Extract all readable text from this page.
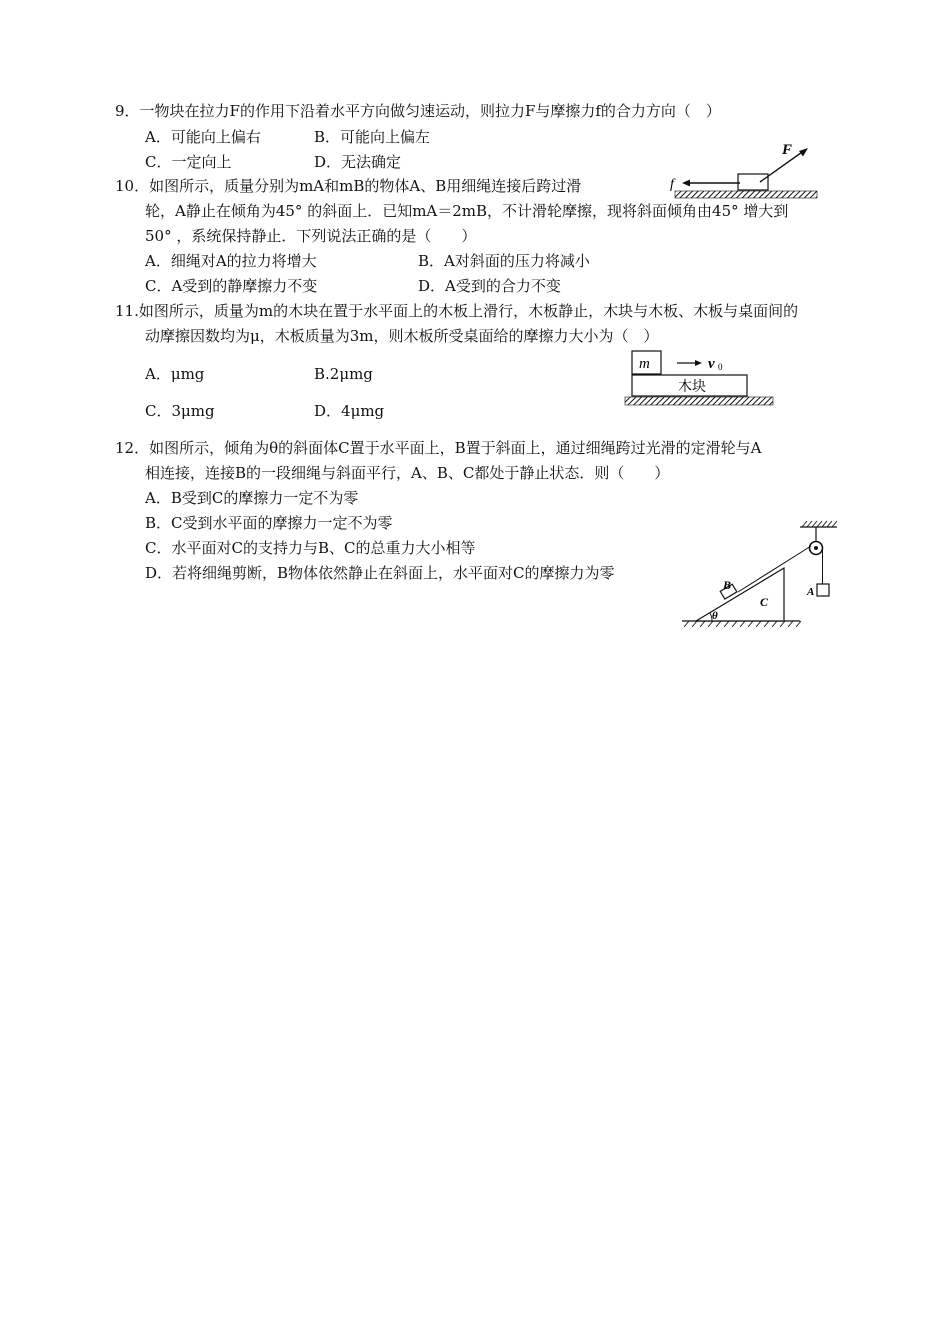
9．一物块在拉力F的作用下沿着水平方向做匀速运动，则拉力F与摩擦力f的合力方向（　）
A．可能向上偏右	B．可能向上偏左
C．一定向上	D．无法确定
f
F
10．如图所示，质量分别为mA和mB的物体A、B用细绳连接后跨过滑
轮，A静止在倾角为45° 的斜面上．已知mA＝2mB，不计滑轮摩擦，现将斜面倾角由45° 增大到
50° ，系统保持静止．下列说法正确的是（　　）
A．细绳对A的拉力将增大	B．A对斜面的压力将减小
C．A受到的静摩擦力不变	D．A受到的合力不变
11.如图所示，质量为m的木块在置于水平面上的木板上滑行，木板静止，木块与木板、木板与桌面间的
动摩擦因数均为μ，木板质量为3m，则木板所受桌面给的摩擦力大小为（　）
A．μmg	B.2μmg
C．3μmg	D．4μmg
木块
m	v 0
12．如图所示，倾角为θ的斜面体C置于水平面上，B置于斜面上，通过细绳跨过光滑的定滑轮与A
相连接，连接B的一段细绳与斜面平行，A、B、C都处于静止状态．则（　　）
A．B受到C的摩擦力一定不为零
B．C受到水平面的摩擦力一定不为零
C．水平面对C的支持力与B、C的总重力大小相等
D．若将细绳剪断，B物体依然静止在斜面上，水平面对C的摩擦力为零
B
C
A
θ
